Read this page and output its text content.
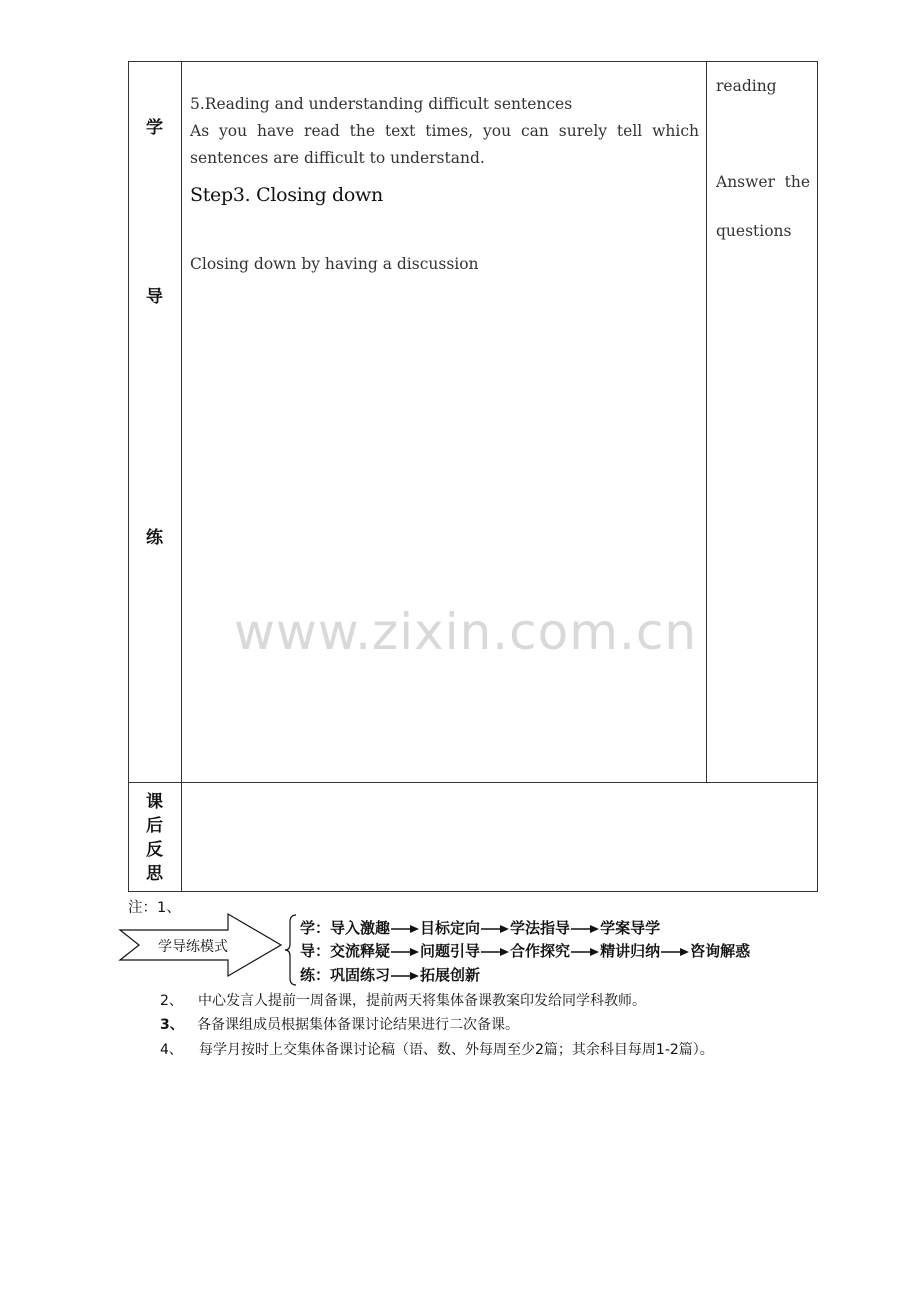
学
导
练
课
后
反
思

5.Reading and understanding difficult sentences

As you have read the text times, you can surely tell which sentences are difficult to understand.

Step3. Closing down
Closing down by having a discussion
reading
Answer the
questions
www.zixin.com.cn
注：1、
学导练模式
学：导入激趣 目标定向 学法指导 学案导学
导：交流释疑 问题引导 合作探究 精讲归纳 咨询解惑
练：巩固练习 拓展创新
2、 中心发言人提前一周备课，提前两天将集体备课教案印发给同学科教师。
3、 各备课组成员根据集体备课讨论结果进行二次备课。
4、 每学月按时上交集体备课讨论稿（语、数、外每周至少2篇；其余科目每周1-2篇）。
